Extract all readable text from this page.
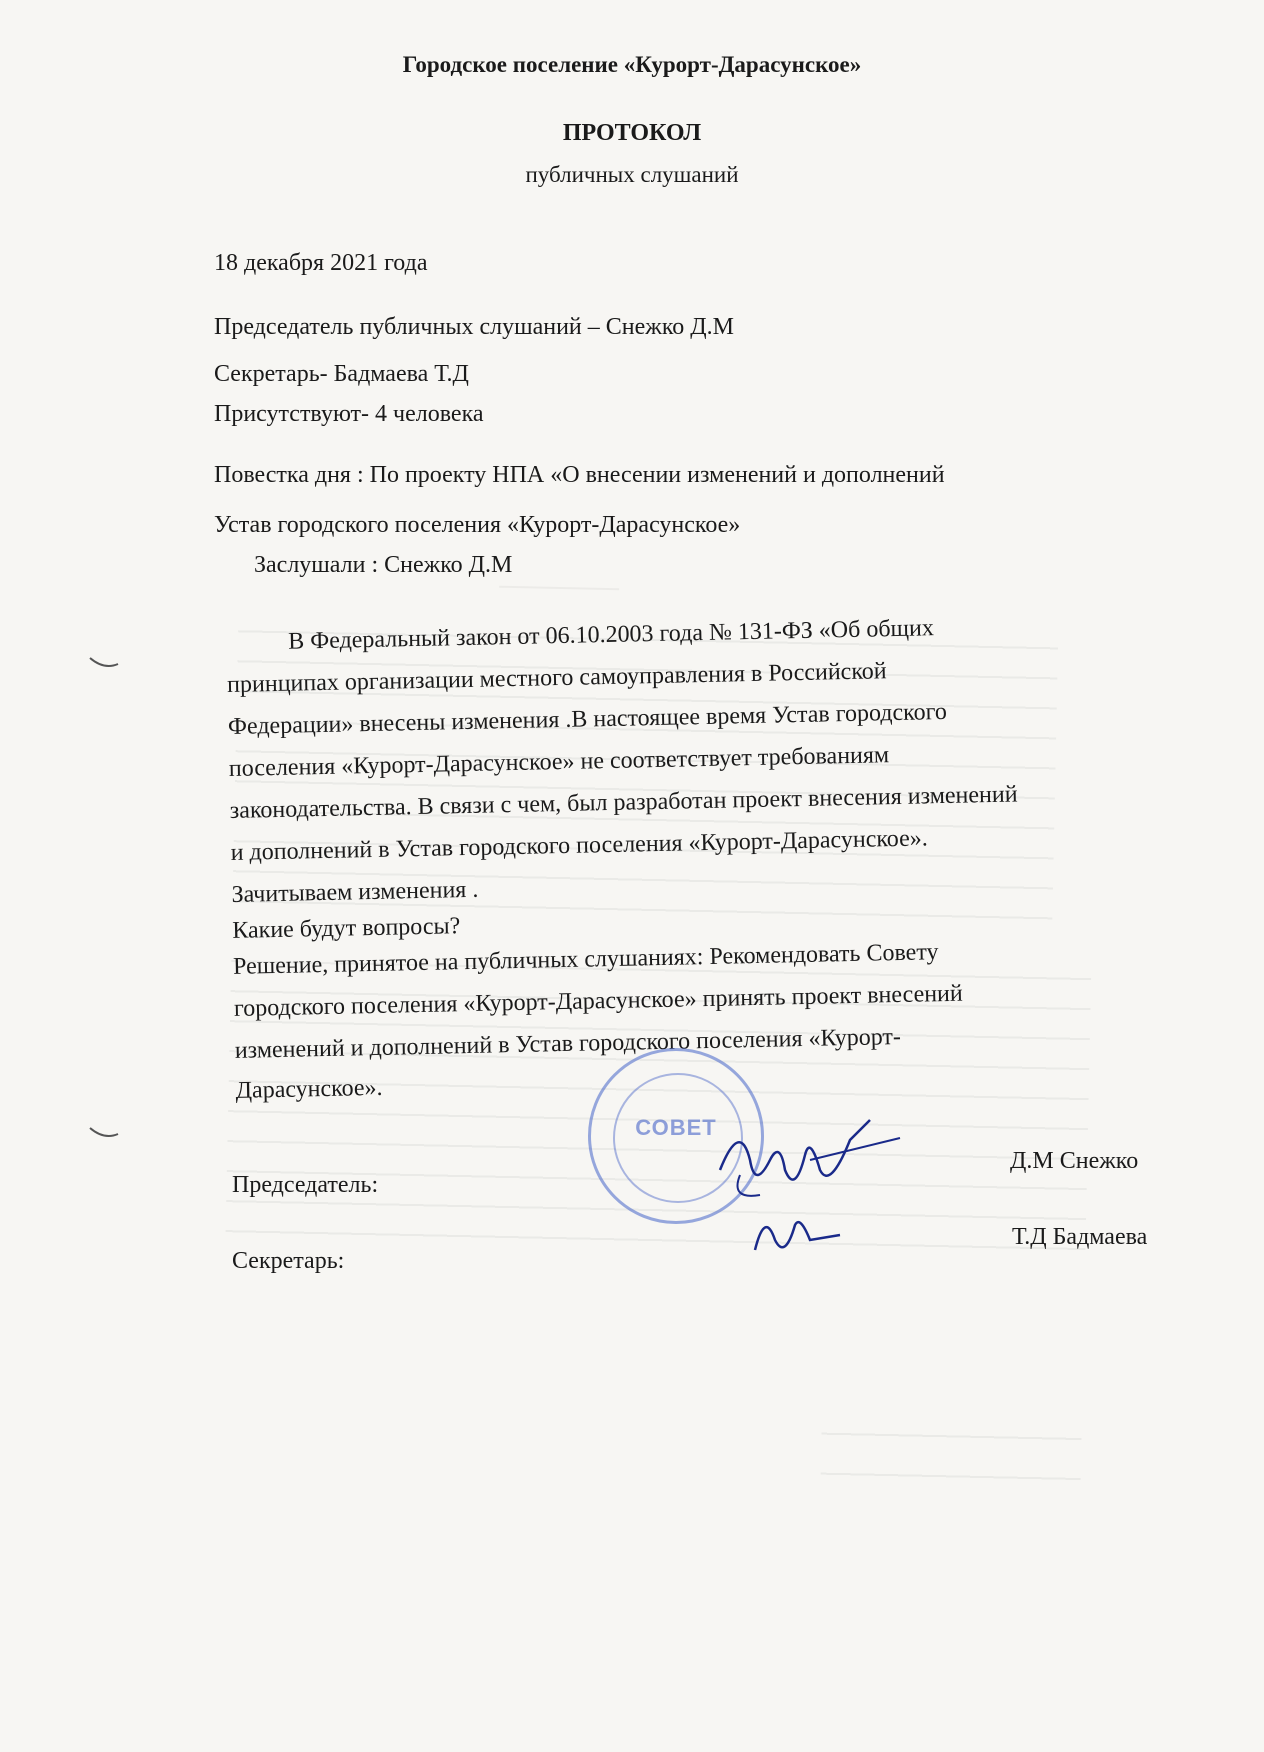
Городское поселение «Курорт-Дарасунское»
ПРОТОКОЛ
публичных слушаний
18 декабря 2021 года
Председатель публичных слушаний – Снежко Д.М
Секретарь- Бадмаева Т.Д
Присутствуют- 4 человека
Повестка дня : По проекту НПА «О внесении изменений и дополнений
Устав городского поселения «Курорт-Дарасунское»
Заслушали : Снежко Д.М
В Федеральный закон от 06.10.2003 года № 131-ФЗ «Об общих
принципах организации местного самоуправления в Российской
Федерации» внесены изменения .В настоящее время Устав городского
поселения «Курорт-Дарасунское» не соответствует требованиям
законодательства. В связи с чем, был разработан проект внесения изменений
и дополнений в Устав городского поселения «Курорт-Дарасунское».
Зачитываем изменения .
Какие будут вопросы?
Решение, принятое на публичных слушаниях: Рекомендовать Совету
городского поселения «Курорт-Дарасунское» принять проект внесений
изменений и дополнений в Устав городского поселения «Курорт-
Дарасунское».
СОВЕТ
Председатель:
Д.М Снежко
Секретарь:
Т.Д Бадмаева
